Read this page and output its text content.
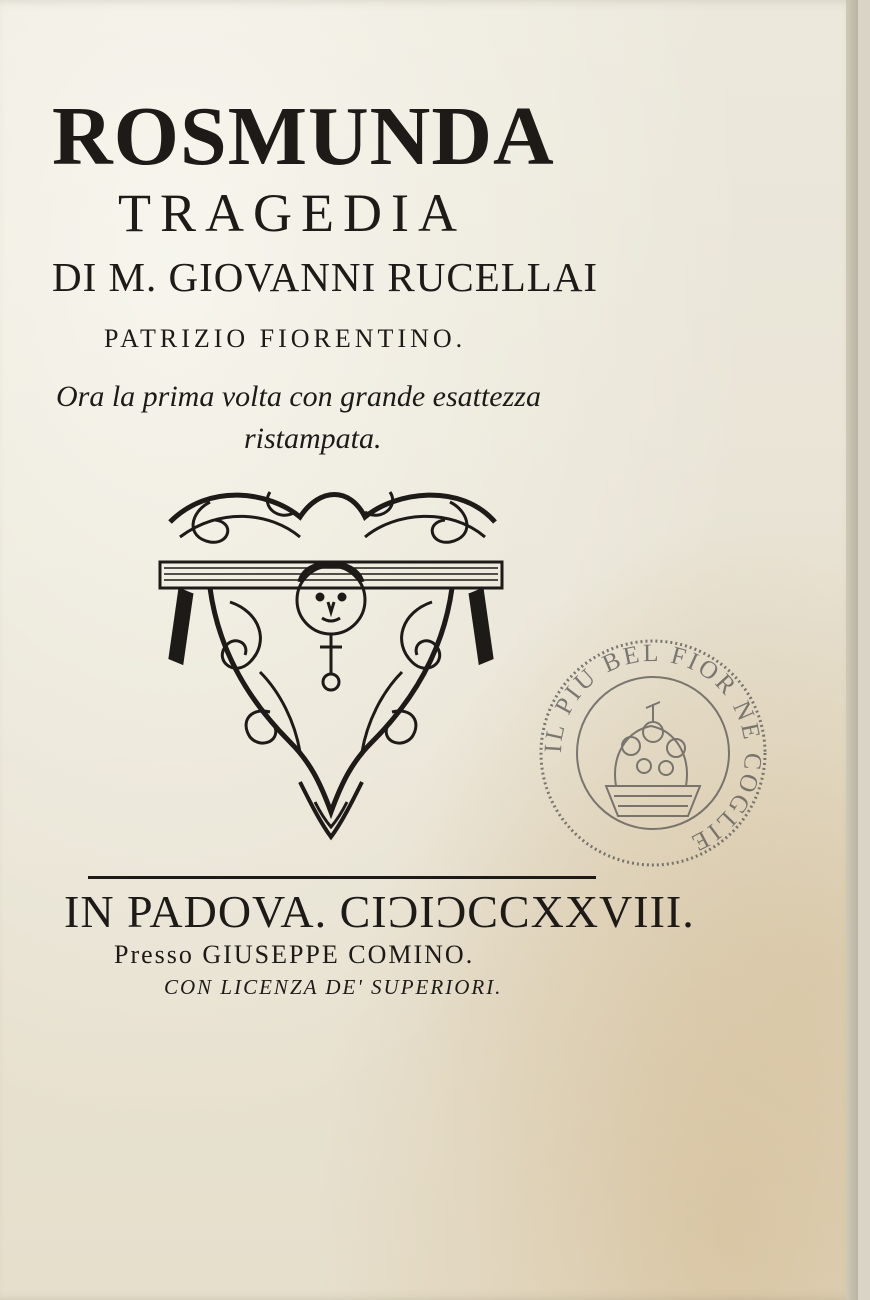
ROSMUNDA
TRAGEDIA
DI M. GIOVANNI RUCELLAI
PATRIZIO FIORENTINO.
Ora la prima volta con grande esattezza
ristampata.
IN PADOVA. CIƆIƆCCXXVIII.
Presso GIUSEPPE COMINO.
CON LICENZA DE' SUPERIORI.
IL PIU BEL FIOR NE COGLIE
